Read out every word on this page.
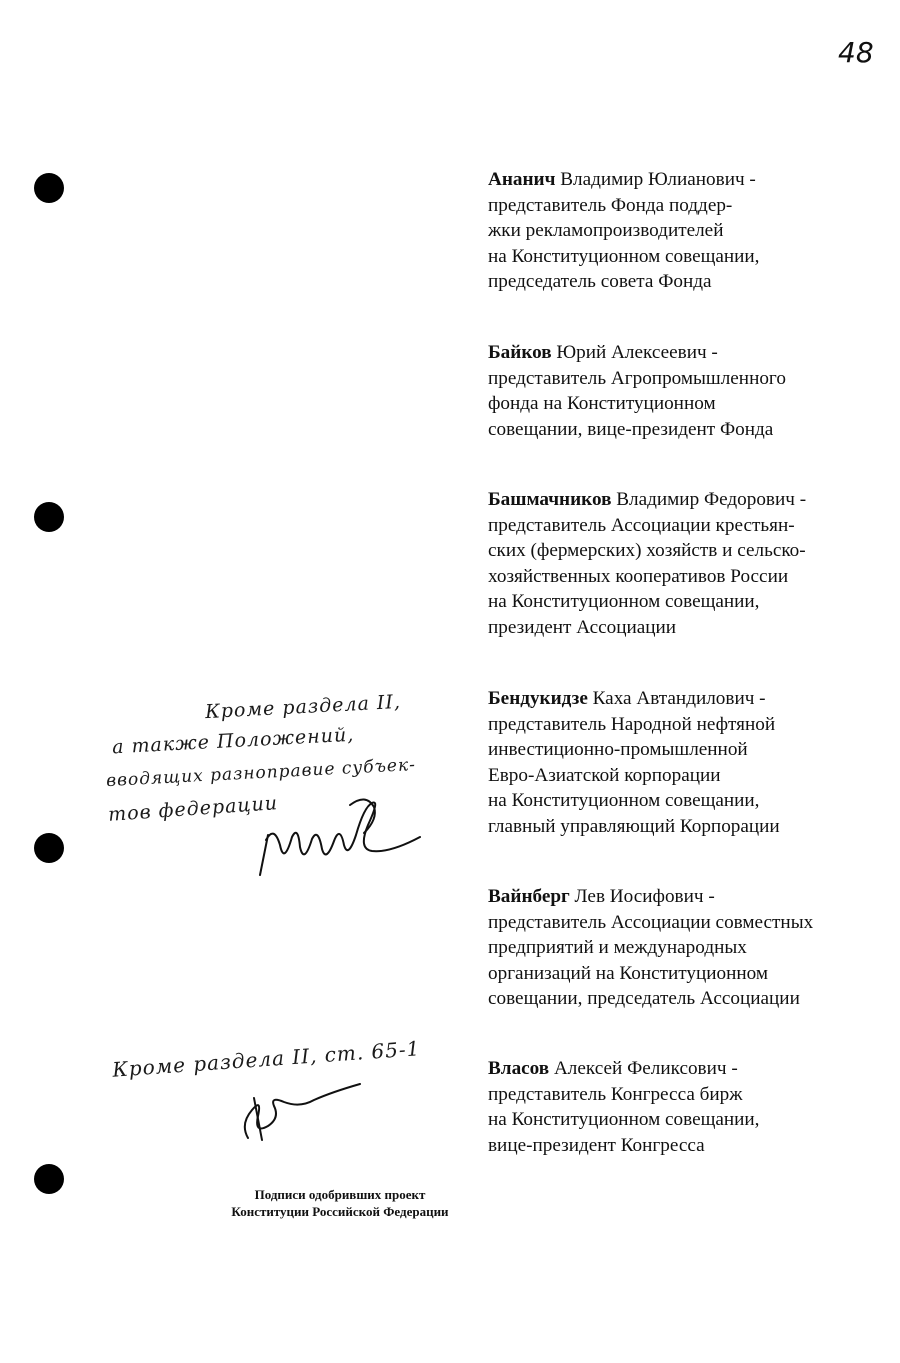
48
Ананич Владимир Юлианович -
представитель Фонда поддер-
жки рекламопроизводителей
на Конституционном совещании,
председатель совета Фонда
Байков Юрий Алексеевич -
представитель Агропромышленного
фонда на Конституционном
совещании, вице-президент Фонда
Башмачников Владимир Федорович -
представитель Ассоциации крестьян-
ских (фермерских) хозяйств и сельско-
хозяйственных кооперативов России
на Конституционном совещании,
президент Ассоциации
Бендукидзе Каха Автандилович -
представитель Народной нефтяной
инвестиционно-промышленной
Евро-Азиатской корпорации
на Конституционном совещании,
главный управляющий Корпорации
Вайнберг Лев Иосифович -
представитель Ассоциации совместных
предприятий и международных
организаций на Конституционном
совещании, председатель Ассоциации
Власов Алексей Феликсович -
представитель Конгресса бирж
на Конституционном совещании,
вице-президент Конгресса
Кроме раздела II,
а также Положений,
вводящих разноправие субъек-
тов федерации
Кроме раздела II, ст. 65-1
Подписи одобривших проект
Конституции Российской Федерации
